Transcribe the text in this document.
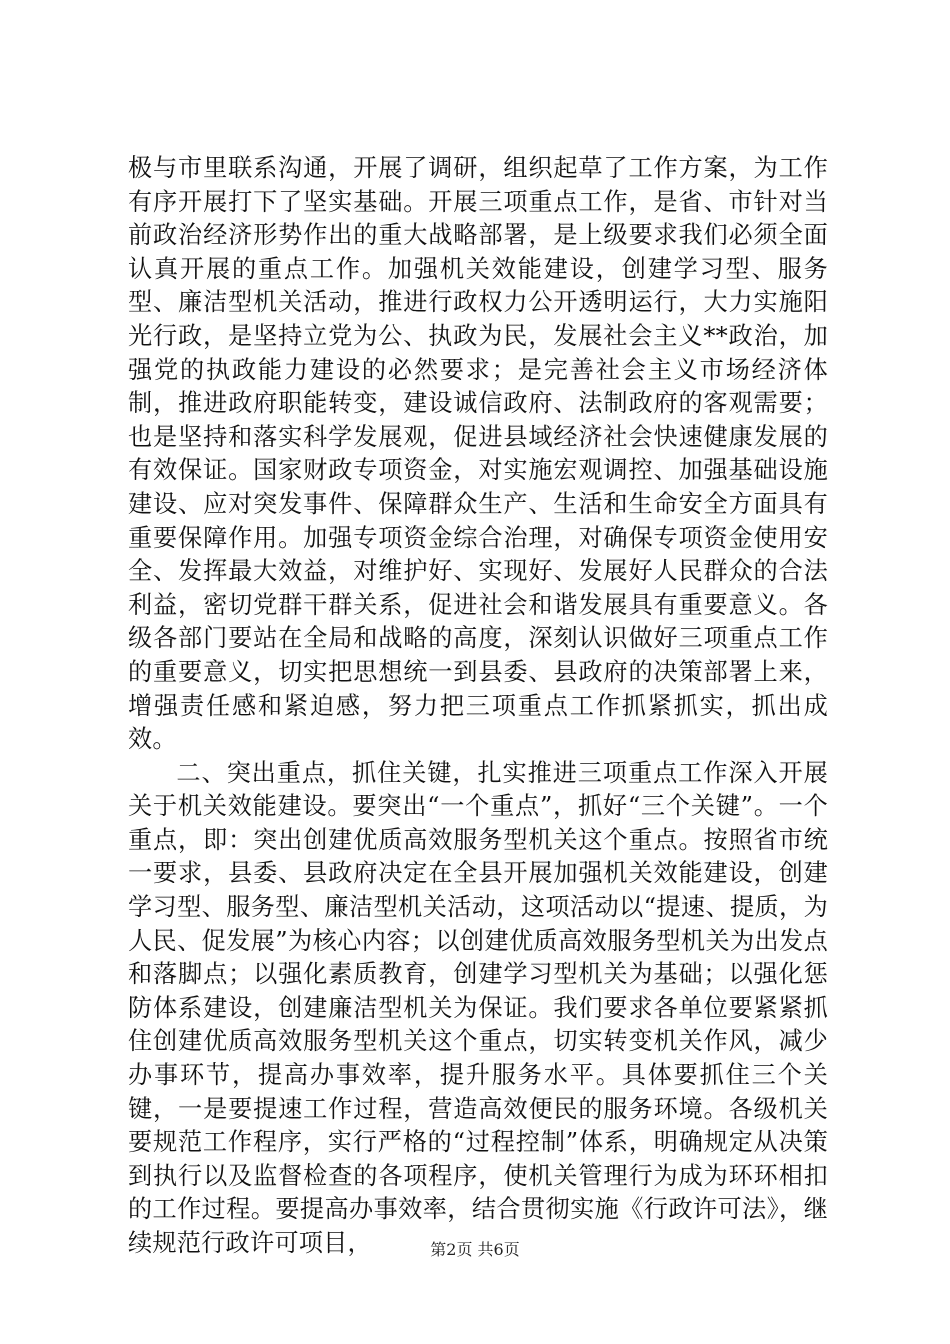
极与市里联系沟通，开展了调研，组织起草了工作方案，为工作有序开展打下了坚实基础。开展三项重点工作，是省、市针对当前政治经济形势作出的重大战略部署，是上级要求我们必须全面认真开展的重点工作。加强机关效能建设，创建学习型、服务型、廉洁型机关活动，推进行政权力公开透明运行，大力实施阳光行政，是坚持立党为公、执政为民，发展社会主义**政治，加强党的执政能力建设的必然要求；是完善社会主义市场经济体制，推进政府职能转变，建设诚信政府、法制政府的客观需要；也是坚持和落实科学发展观，促进县域经济社会快速健康发展的有效保证。国家财政专项资金，对实施宏观调控、加强基础设施建设、应对突发事件、保障群众生产、生活和生命安全方面具有重要保障作用。加强专项资金综合治理，对确保专项资金使用安全、发挥最大效益，对维护好、实现好、发展好人民群众的合法利益，密切党群干群关系，促进社会和谐发展具有重要意义。各级各部门要站在全局和战略的高度，深刻认识做好三项重点工作的重要意义，切实把思想统一到县委、县政府的决策部署上来，增强责任感和紧迫感，努力把三项重点工作抓紧抓实，抓出成效。

二、突出重点，抓住关键，扎实推进三项重点工作深入开展关于机关效能建设。要突出“一个重点”，抓好“三个关键”。一个重点，即：突出创建优质高效服务型机关这个重点。按照省市统一要求，县委、县政府决定在全县开展加强机关效能建设，创建学习型、服务型、廉洁型机关活动，这项活动以“提速、提质，为人民、促发展”为核心内容；以创建优质高效服务型机关为出发点和落脚点；以强化素质教育，创建学习型机关为基础；以强化惩防体系建设，创建廉洁型机关为保证。我们要求各单位要紧紧抓住创建优质高效服务型机关这个重点，切实转变机关作风，减少办事环节，提高办事效率，提升服务水平。具体要抓住三个关键，一是要提速工作过程，营造高效便民的服务环境。各级机关要规范工作程序，实行严格的“过程控制”体系，明确规定从决策到执行以及监督检查的各项程序，使机关管理行为成为环环相扣的工作过程。要提高办事效率，结合贯彻实施《行政许可法》，继续规范行政许可项目，	第2页 共6页
